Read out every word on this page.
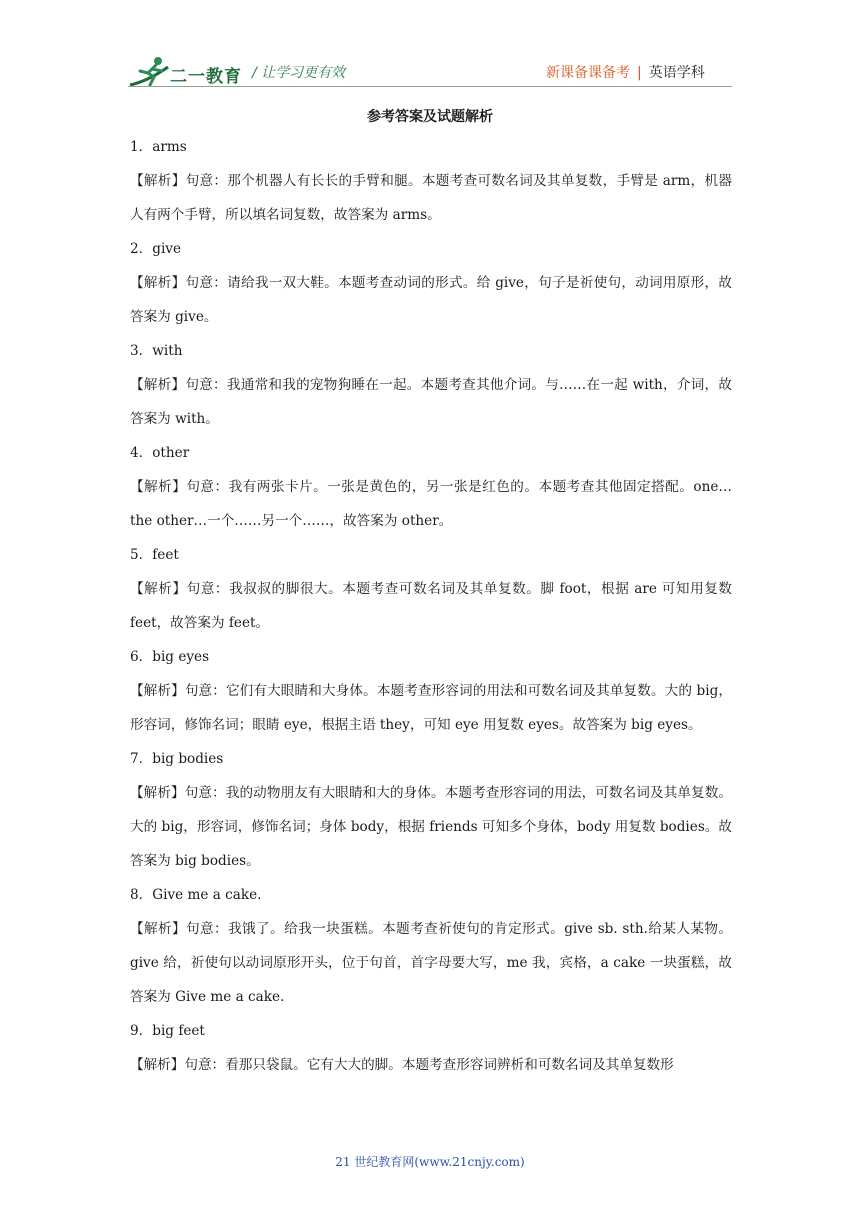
二一教育 / 让学习更有效	新课备课备考 | 英语学科
参考答案及试题解析

1．arms

【解析】句意：那个机器人有长长的手臂和腿。本题考查可数名词及其单复数，手臂是 arm，机器人有两个手臂，所以填名词复数，故答案为 arms。

2．give

【解析】句意：请给我一双大鞋。本题考查动词的形式。给 give，句子是祈使句，动词用原形，故答案为 give。

3．with

【解析】句意：我通常和我的宠物狗睡在一起。本题考查其他介词。与……在一起 with，介词，故答案为 with。

4．other

【解析】句意：我有两张卡片。一张是黄色的，另一张是红色的。本题考查其他固定搭配。one…the other…一个……另一个……，故答案为 other。

5．feet

【解析】句意：我叔叔的脚很大。本题考查可数名词及其单复数。脚 foot，根据 are 可知用复数 feet，故答案为 feet。

6．big eyes

【解析】句意：它们有大眼睛和大身体。本题考查形容词的用法和可数名词及其单复数。大的 big，形容词，修饰名词；眼睛 eye，根据主语 they，可知 eye 用复数 eyes。故答案为 big eyes。

7．big bodies

【解析】句意：我的动物朋友有大眼睛和大的身体。本题考查形容词的用法，可数名词及其单复数。大的 big，形容词，修饰名词；身体 body，根据 friends 可知多个身体，body 用复数 bodies。故答案为 big bodies。

8．Give me a cake.

【解析】句意：我饿了。给我一块蛋糕。本题考查祈使句的肯定形式。give sb. sth.给某人某物。give 给，祈使句以动词原形开头，位于句首，首字母要大写，me 我，宾格，a cake 一块蛋糕，故答案为 Give me a cake.

9．big feet

【解析】句意：看那只袋鼠。它有大大的脚。本题考查形容词辨析和可数名词及其单复数形

21 世纪教育网(www.21cnjy.com)
